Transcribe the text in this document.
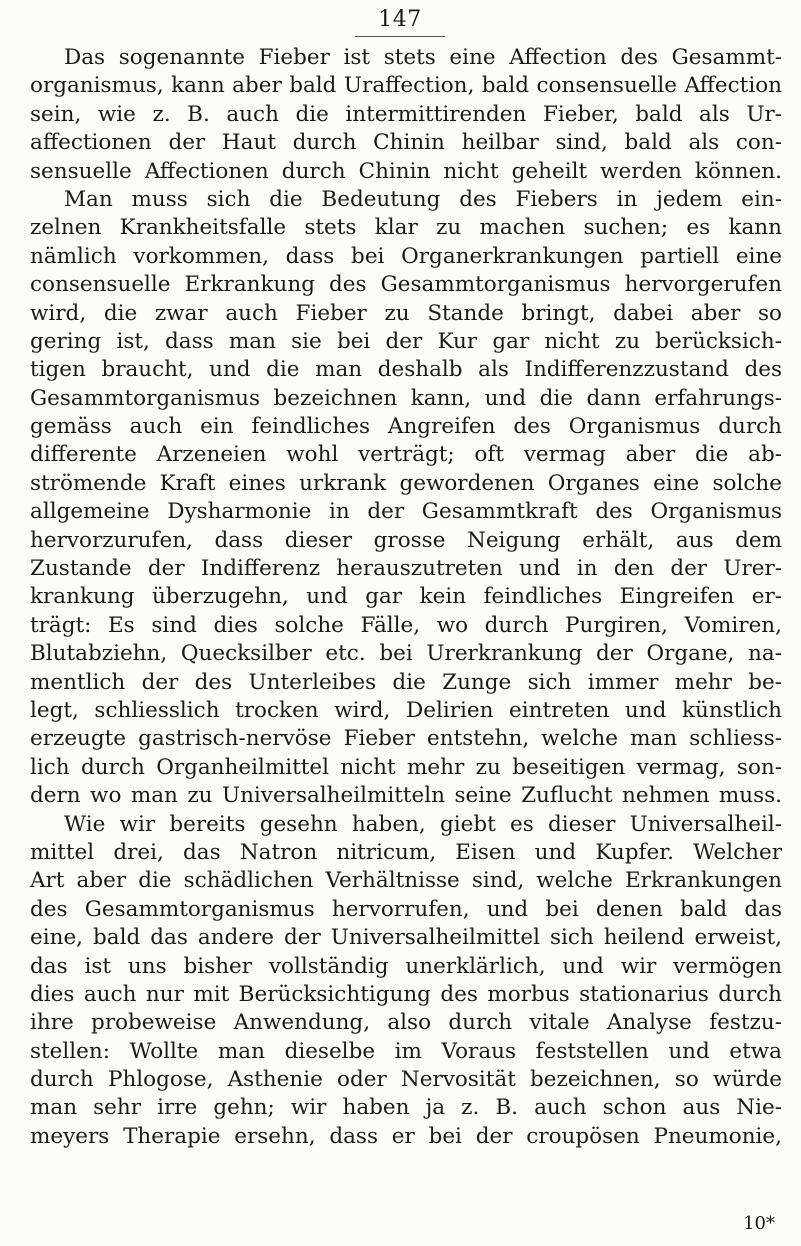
147
Das sogenannte Fieber ist stets eine Affection des Gesammt-
organismus, kann aber bald Uraffection, bald consensuelle Affection
sein, wie z. B. auch die intermittirenden Fieber, bald als Ur-
affectionen der Haut durch Chinin heilbar sind, bald als con-
sensuelle Affectionen durch Chinin nicht geheilt werden können.
Man muss sich die Bedeutung des Fiebers in jedem ein-
zelnen Krankheitsfalle stets klar zu machen suchen; es kann
nämlich vorkommen, dass bei Organerkrankungen partiell eine
consensuelle Erkrankung des Gesammtorganismus hervorgerufen
wird, die zwar auch Fieber zu Stande bringt, dabei aber so
gering ist, dass man sie bei der Kur gar nicht zu berücksich-
tigen braucht, und die man deshalb als Indifferenzzustand des
Gesammtorganismus bezeichnen kann, und die dann erfahrungs-
gemäss auch ein feindliches Angreifen des Organismus durch
differente Arzeneien wohl verträgt; oft vermag aber die ab-
strömende Kraft eines urkrank gewordenen Organes eine solche
allgemeine Dysharmonie in der Gesammtkraft des Organismus
hervorzurufen, dass dieser grosse Neigung erhält, aus dem
Zustande der Indifferenz herauszutreten und in den der Urer-
krankung überzugehn, und gar kein feindliches Eingreifen er-
trägt: Es sind dies solche Fälle, wo durch Purgiren, Vomiren,
Blutabziehn, Quecksilber etc. bei Urerkrankung der Organe, na-
mentlich der des Unterleibes die Zunge sich immer mehr be-
legt, schliesslich trocken wird, Delirien eintreten und künstlich
erzeugte gastrisch-nervöse Fieber entstehn, welche man schliess-
lich durch Organheilmittel nicht mehr zu beseitigen vermag, son-
dern wo man zu Universalheilmitteln seine Zuflucht nehmen muss.
Wie wir bereits gesehn haben, giebt es dieser Universalheil-
mittel drei, das Natron nitricum, Eisen und Kupfer. Welcher
Art aber die schädlichen Verhältnisse sind, welche Erkrankungen
des Gesammtorganismus hervorrufen, und bei denen bald das
eine, bald das andere der Universalheilmittel sich heilend erweist,
das ist uns bisher vollständig unerklärlich, und wir vermögen
dies auch nur mit Berücksichtigung des morbus stationarius durch
ihre probeweise Anwendung, also durch vitale Analyse festzu-
stellen: Wollte man dieselbe im Voraus feststellen und etwa
durch Phlogose, Asthenie oder Nervosität bezeichnen, so würde
man sehr irre gehn; wir haben ja z. B. auch schon aus Nie-
meyers Therapie ersehn, dass er bei der croupösen Pneumonie,
10*
